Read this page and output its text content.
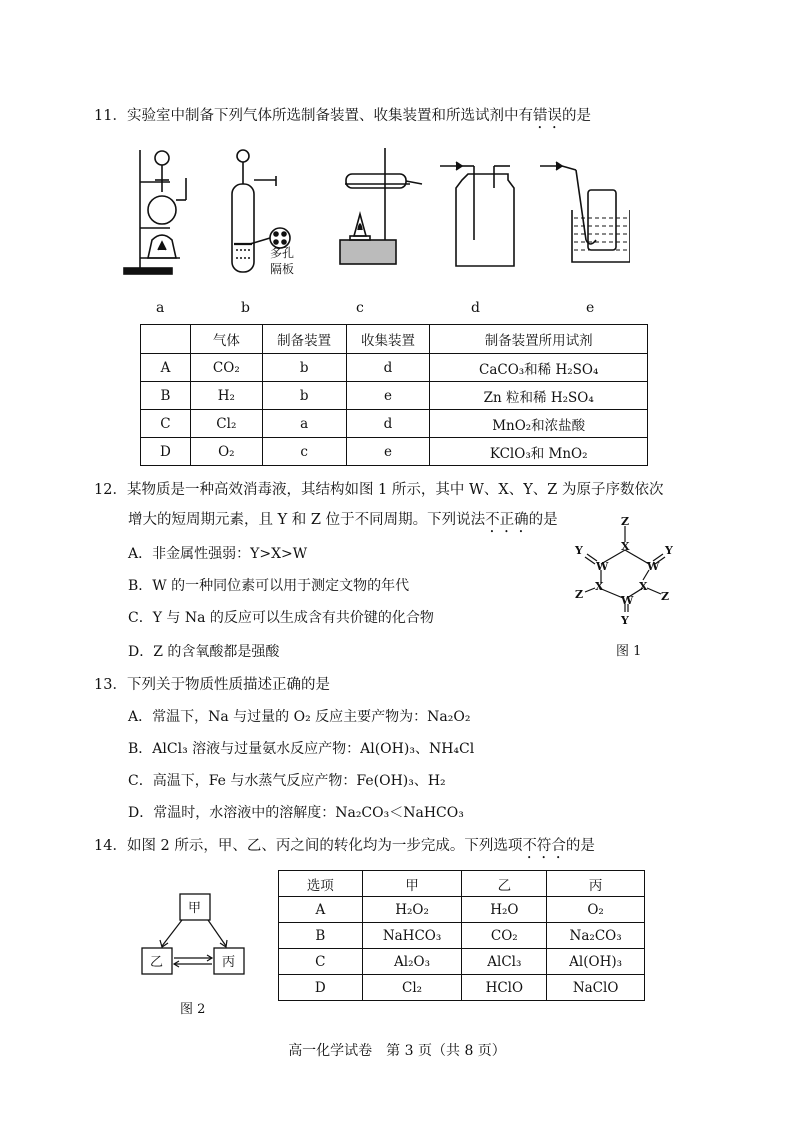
11．实验室中制备下列气体所选制备装置、收集装置和所选试剂中有错误的是
多孔
隔板
a	b	c	d	e
	气体	制备装置	收集装置	制备装置所用试剂
A	CO₂	b	d	CaCO₃和稀 H₂SO₄
B	H₂	b	e	Zn 粒和稀 H₂SO₄
C	Cl₂	a	d	MnO₂和浓盐酸
D	O₂	c	e	KClO₃和 MnO₂
12．某物质是一种高效消毒液，其结构如图 1 所示，其中 W、X、Y、Z 为原子序数依次
增大的短周期元素，且 Y 和 Z 位于不同周期。下列说法不正确的是
A．非金属性强弱：Y>X>W
B．W 的一种同位素可以用于测定文物的年代
C．Y 与 Na 的反应可以生成含有共价键的化合物
D．Z 的含氧酸都是强酸
Z
X
W	W
Y	Y
X	X
Z	Z
W
Y
图 1
13．下列关于物质性质描述正确的是
A．常温下，Na 与过量的 O₂ 反应主要产物为：Na₂O₂
B．AlCl₃ 溶液与过量氨水反应产物：Al(OH)₃、NH₄Cl
C．高温下，Fe 与水蒸气反应产物：Fe(OH)₃、H₂
D．常温时，水溶液中的溶解度：Na₂CO₃＜NaHCO₃
14．如图 2 所示，甲、乙、丙之间的转化均为一步完成。下列选项不符合的是
甲
乙	丙
图 2
选项	甲	乙	丙
A	H₂O₂	H₂O	O₂
B	NaHCO₃	CO₂	Na₂CO₃
C	Al₂O₃	AlCl₃	Al(OH)₃
D	Cl₂	HClO	NaClO
高一化学试卷　第 3 页（共 8 页）
